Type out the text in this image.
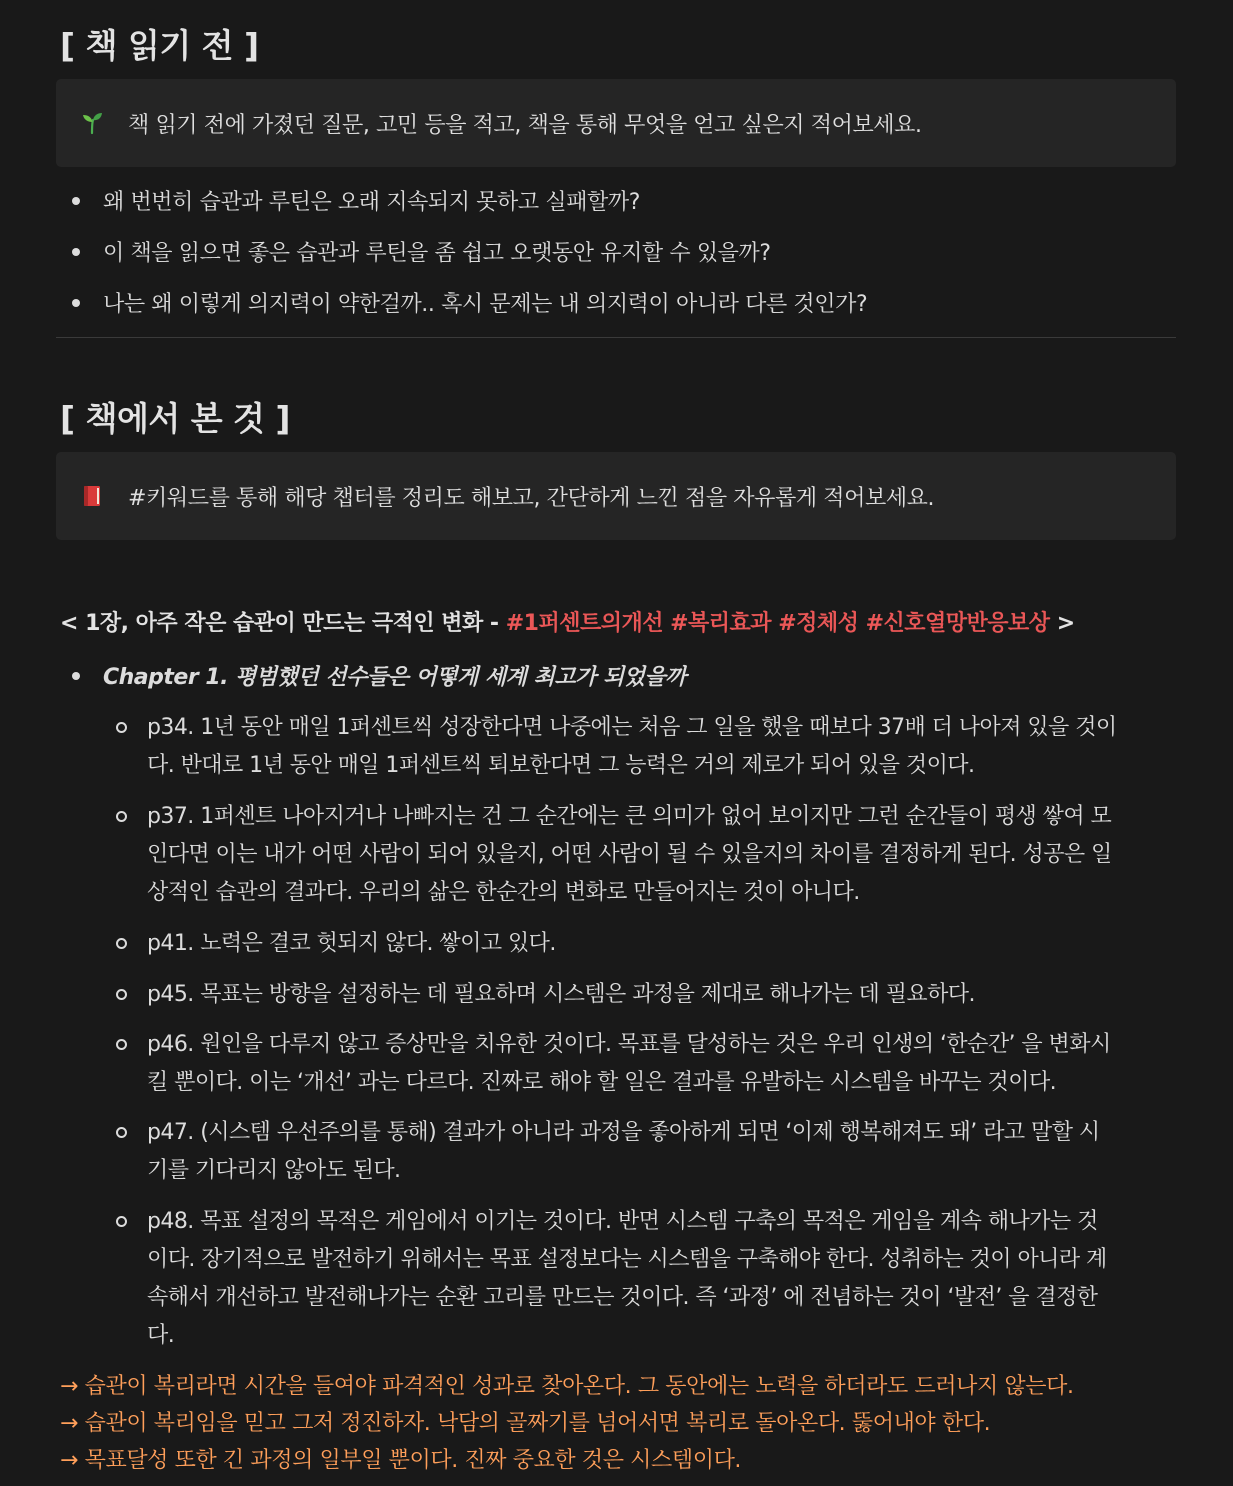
[ 책 읽기 전 ]
책 읽기 전에 가졌던 질문, 고민 등을 적고, 책을 통해 무엇을 얻고 싶은지 적어보세요.
왜 번번히 습관과 루틴은 오래 지속되지 못하고 실패할까?
이 책을 읽으면 좋은 습관과 루틴을 좀 쉽고 오랫동안 유지할 수 있을까?
나는 왜 이렇게 의지력이 약한걸까.. 혹시 문제는 내 의지력이 아니라 다른 것인가?
[ 책에서 본 것 ]
#키워드를 통해 해당 챕터를 정리도 해보고, 간단하게 느낀 점을 자유롭게 적어보세요.
< 1장, 아주 작은 습관이 만드는 극적인 변화 - #1퍼센트의개선 #복리효과 #정체성 #신호열망반응보상 >
Chapter 1. 평범했던 선수들은 어떻게 세계 최고가 되었을까
p34. 1년 동안 매일 1퍼센트씩 성장한다면 나중에는 처음 그 일을 했을 때보다 37배 더 나아져 있을 것이
다. 반대로 1년 동안 매일 1퍼센트씩 퇴보한다면 그 능력은 거의 제로가 되어 있을 것이다.
p37. 1퍼센트 나아지거나 나빠지는 건 그 순간에는 큰 의미가 없어 보이지만 그런 순간들이 평생 쌓여 모
인다면 이는 내가 어떤 사람이 되어 있을지, 어떤 사람이 될 수 있을지의 차이를 결정하게 된다. 성공은 일
상적인 습관의 결과다. 우리의 삶은 한순간의 변화로 만들어지는 것이 아니다.
p41. 노력은 결코 헛되지 않다. 쌓이고 있다.
p45. 목표는 방향을 설정하는 데 필요하며 시스템은 과정을 제대로 해나가는 데 필요하다.
p46. 원인을 다루지 않고 증상만을 치유한 것이다. 목표를 달성하는 것은 우리 인생의 ‘한순간’ 을 변화시
킬 뿐이다. 이는 ‘개선’ 과는 다르다. 진짜로 해야 할 일은 결과를 유발하는 시스템을 바꾸는 것이다.
p47. (시스템 우선주의를 통해) 결과가 아니라 과정을 좋아하게 되면 ‘이제 행복해져도 돼’ 라고 말할 시
기를 기다리지 않아도 된다.
p48. 목표 설정의 목적은 게임에서 이기는 것이다. 반면 시스템 구축의 목적은 게임을 계속 해나가는 것
이다. 장기적으로 발전하기 위해서는 목표 설정보다는 시스템을 구축해야 한다. 성취하는 것이 아니라 계
속해서 개선하고 발전해나가는 순환 고리를 만드는 것이다. 즉 ‘과정’ 에 전념하는 것이 ‘발전’ 을 결정한
다.
→ 습관이 복리라면 시간을 들여야 파격적인 성과로 찾아온다. 그 동안에는 노력을 하더라도 드러나지 않는다.
→ 습관이 복리임을 믿고 그저 정진하자. 낙담의 골짜기를 넘어서면 복리로 돌아온다. 뚫어내야 한다.
→ 목표달성 또한 긴 과정의 일부일 뿐이다. 진짜 중요한 것은 시스템이다.
